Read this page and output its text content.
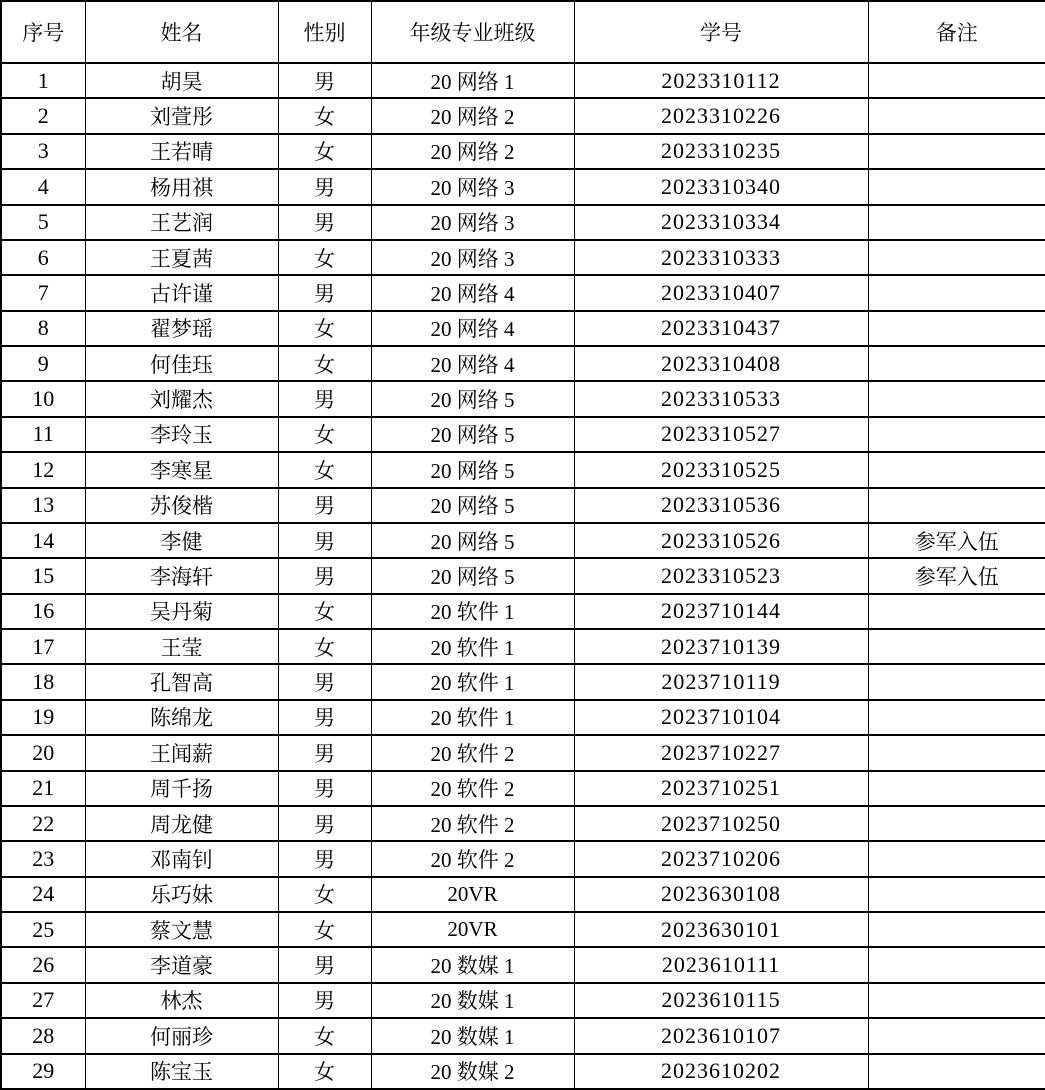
序号	姓名	性别	年级专业班级	学号	备注
1	胡昊	男	20 网络 1	2023310112	
2	刘萱彤	女	20 网络 2	2023310226	
3	王若晴	女	20 网络 2	2023310235	
4	杨用祺	男	20 网络 3	2023310340	
5	王艺润	男	20 网络 3	2023310334	
6	王夏茜	女	20 网络 3	2023310333	
7	古许谨	男	20 网络 4	2023310407	
8	翟梦瑶	女	20 网络 4	2023310437	
9	何佳珏	女	20 网络 4	2023310408	
10	刘耀杰	男	20 网络 5	2023310533	
11	李玲玉	女	20 网络 5	2023310527	
12	李寒星	女	20 网络 5	2023310525	
13	苏俊楷	男	20 网络 5	2023310536	
14	李健	男	20 网络 5	2023310526	参军入伍
15	李海轩	男	20 网络 5	2023310523	参军入伍
16	吴丹菊	女	20 软件 1	2023710144	
17	王莹	女	20 软件 1	2023710139	
18	孔智高	男	20 软件 1	2023710119	
19	陈绵龙	男	20 软件 1	2023710104	
20	王闻薪	男	20 软件 2	2023710227	
21	周千扬	男	20 软件 2	2023710251	
22	周龙健	男	20 软件 2	2023710250	
23	邓南钊	男	20 软件 2	2023710206	
24	乐巧妹	女	20VR	2023630108	
25	蔡文慧	女	20VR	2023630101	
26	李道豪	男	20 数媒 1	2023610111	
27	林杰	男	20 数媒 1	2023610115	
28	何丽珍	女	20 数媒 1	2023610107	
29	陈宝玉	女	20 数媒 2	2023610202	
